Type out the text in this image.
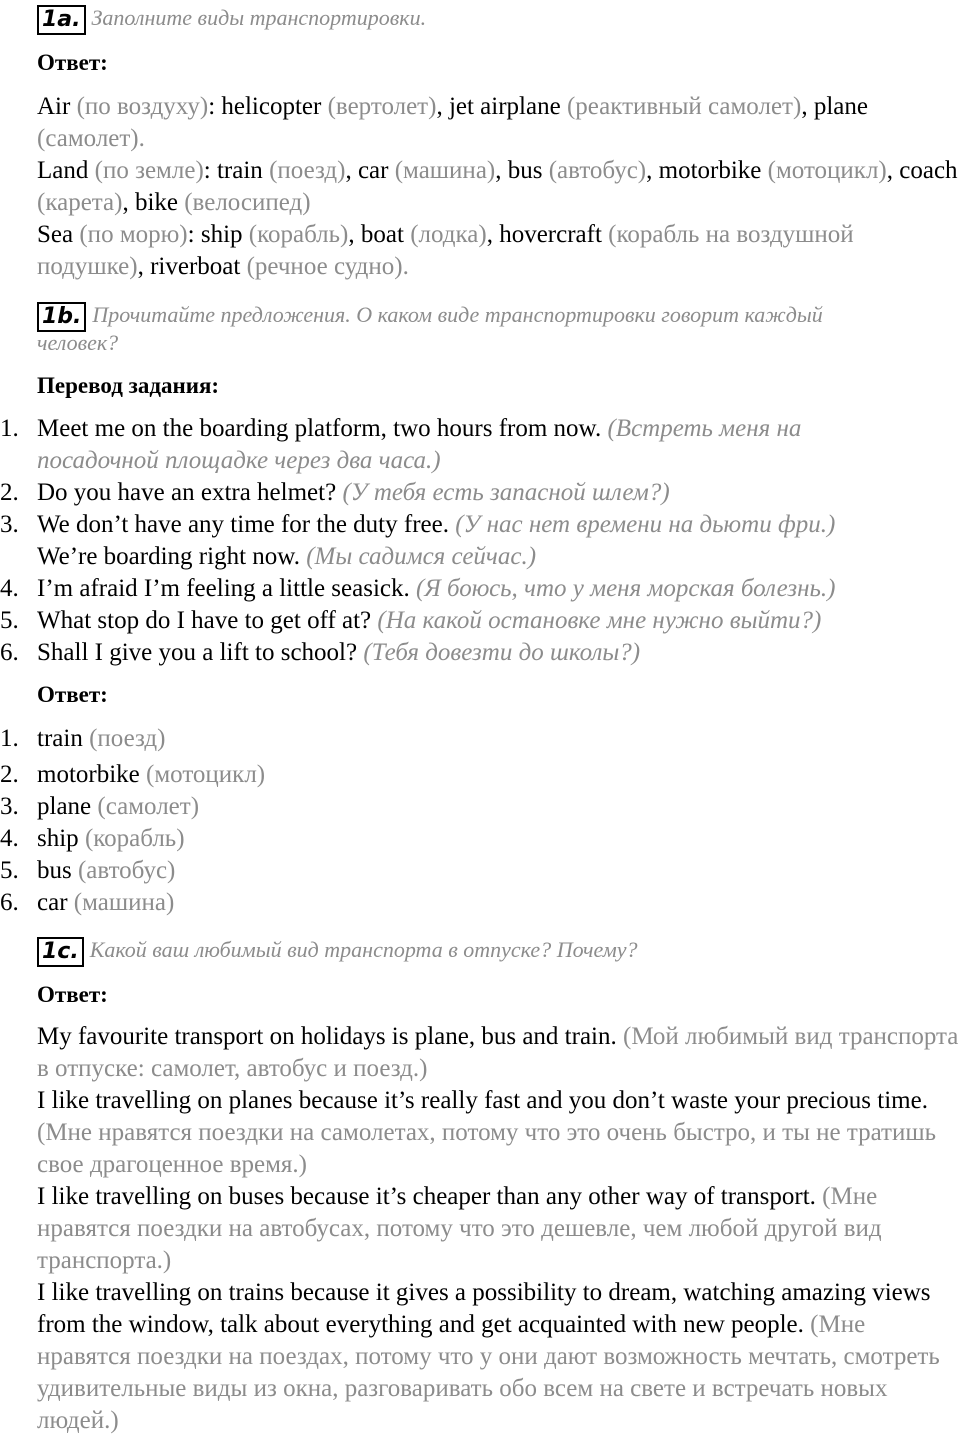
1a. Заполните виды транспортировки.
Ответ:
Air (по воздуху): helicopter (вертолет), jet airplane (реактивный самолет), plane (самолет).
Land (по земле): train (поезд), car (машина), bus (автобус), motorbike (мотоцикл), coach (карета), bike (велосипед)
Sea (по морю): ship (корабль), boat (лодка), hovercraft (корабль на воздушной подушке), riverboat (речное судно).
1b. Прочитайте предложения. О каком виде транспортировки говорит каждый
человек?
Перевод задания:
1. Meet me on the boarding platform, two hours from now. (Встреть меня на
посадочной площадке через два часа.)
2. Do you have an extra helmet? (У тебя есть запасной шлем?)
3. We don’t have any time for the duty free. (У нас нет времени на дьюти фри.)
We’re boarding right now. (Мы садимся сейчас.)
4. I’m afraid I’m feeling a little seasick. (Я боюсь, что у меня морская болезнь.)
5. What stop do I have to get off at? (На какой остановке мне нужно выйти?)
6. Shall I give you a lift to school? (Тебя довезти до школы?)
Ответ:
1. train (поезд)
2. motorbike (мотоцикл)
3. plane (самолет)
4. ship (корабль)
5. bus (автобус)
6. car (машина)
1c. Какой ваш любимый вид транспорта в отпуске? Почему?
Ответ:
My favourite transport on holidays is plane, bus and train. (Мой любимый вид транспорта в отпуске: самолет, автобус и поезд.)
I like travelling on planes because it’s really fast and you don’t waste your precious time. (Мне нравятся поездки на самолетах, потому что это очень быстро, и ты не тратишь свое драгоценное время.)
I like travelling on buses because it’s cheaper than any other way of transport. (Мне нравятся поездки на автобусах, потому что это дешевле, чем любой другой вид транспорта.)
I like travelling on trains because it gives a possibility to dream, watching amazing views from the window, talk about everything and get acquainted with new people. (Мне нравятся поездки на поездах, потому что у они дают возможность мечтать, смотреть удивительные виды из окна, разговаривать обо всем на свете и встречать новых людей.)
